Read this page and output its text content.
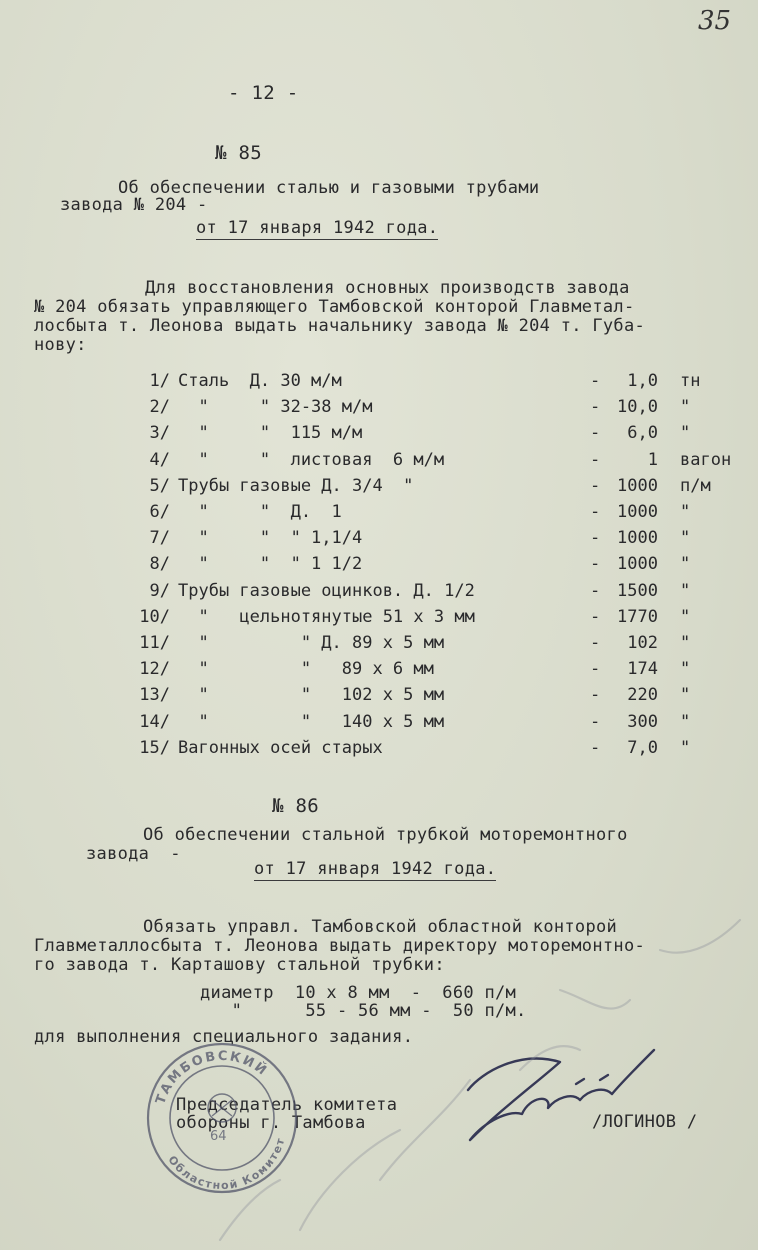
35
- 12 -
№ 85
Об обеспечении сталью и газовыми трубами
завода № 204 -
от 17 января 1942 года.
Для восстановления основных производств завода
№ 204 обязать управляющего Тамбовской конторой Главметал-
лосбыта т. Леонова выдать начальнику завода № 204 т. Губа-
нову:
1/ Сталь  Д. 30 м/м	-	1,0 тн
2/ "     " 32-38 м/м	- 10,0 "
3/ "     "  115 м/м	-	6,0 "
4/ "     "  листовая  6 м/м	-	1 вагон
5/ Трубы газовые Д. 3/4  "	- 1000 п/м
6/ "     "  Д.  1	- 1000 "
7/ "     "  " 1,1/4	- 1000 "
8/ "     "  " 1 1/2	- 1000 "
9/ Трубы газовые оцинков. Д. 1/2	- 1500 "
10/ "   цельнотянутые 51 х 3 мм	- 1770 "
11/ "         " Д. 89 х 5 мм	-	102 "
12/ "         "   89 х 6 мм	-	174 "
13/ "         "   102 х 5 мм	-	220 "
14/ "         "   140 х 5 мм	-	300 "
15/ Вагонных осей старых	-	7,0 "
№ 86
Об обеспечении стальной трубкой моторемонтного
завода  -
от 17 января 1942 года.
Обязать управл. Тамбовской областной конторой
Главметаллосбыта т. Леонова выдать директору моторемонтно-
го завода т. Карташову стальной трубки:
диаметр  10 х 8 мм  -  660 п/м
"      55 - 56 мм -  50 п/м.
для выполнения специального задания.
Председатель комитета
обороны г. Тамбова	/ЛОГИНОВ /
ТАМБОВСКИЙ
Областной Комитет
64
